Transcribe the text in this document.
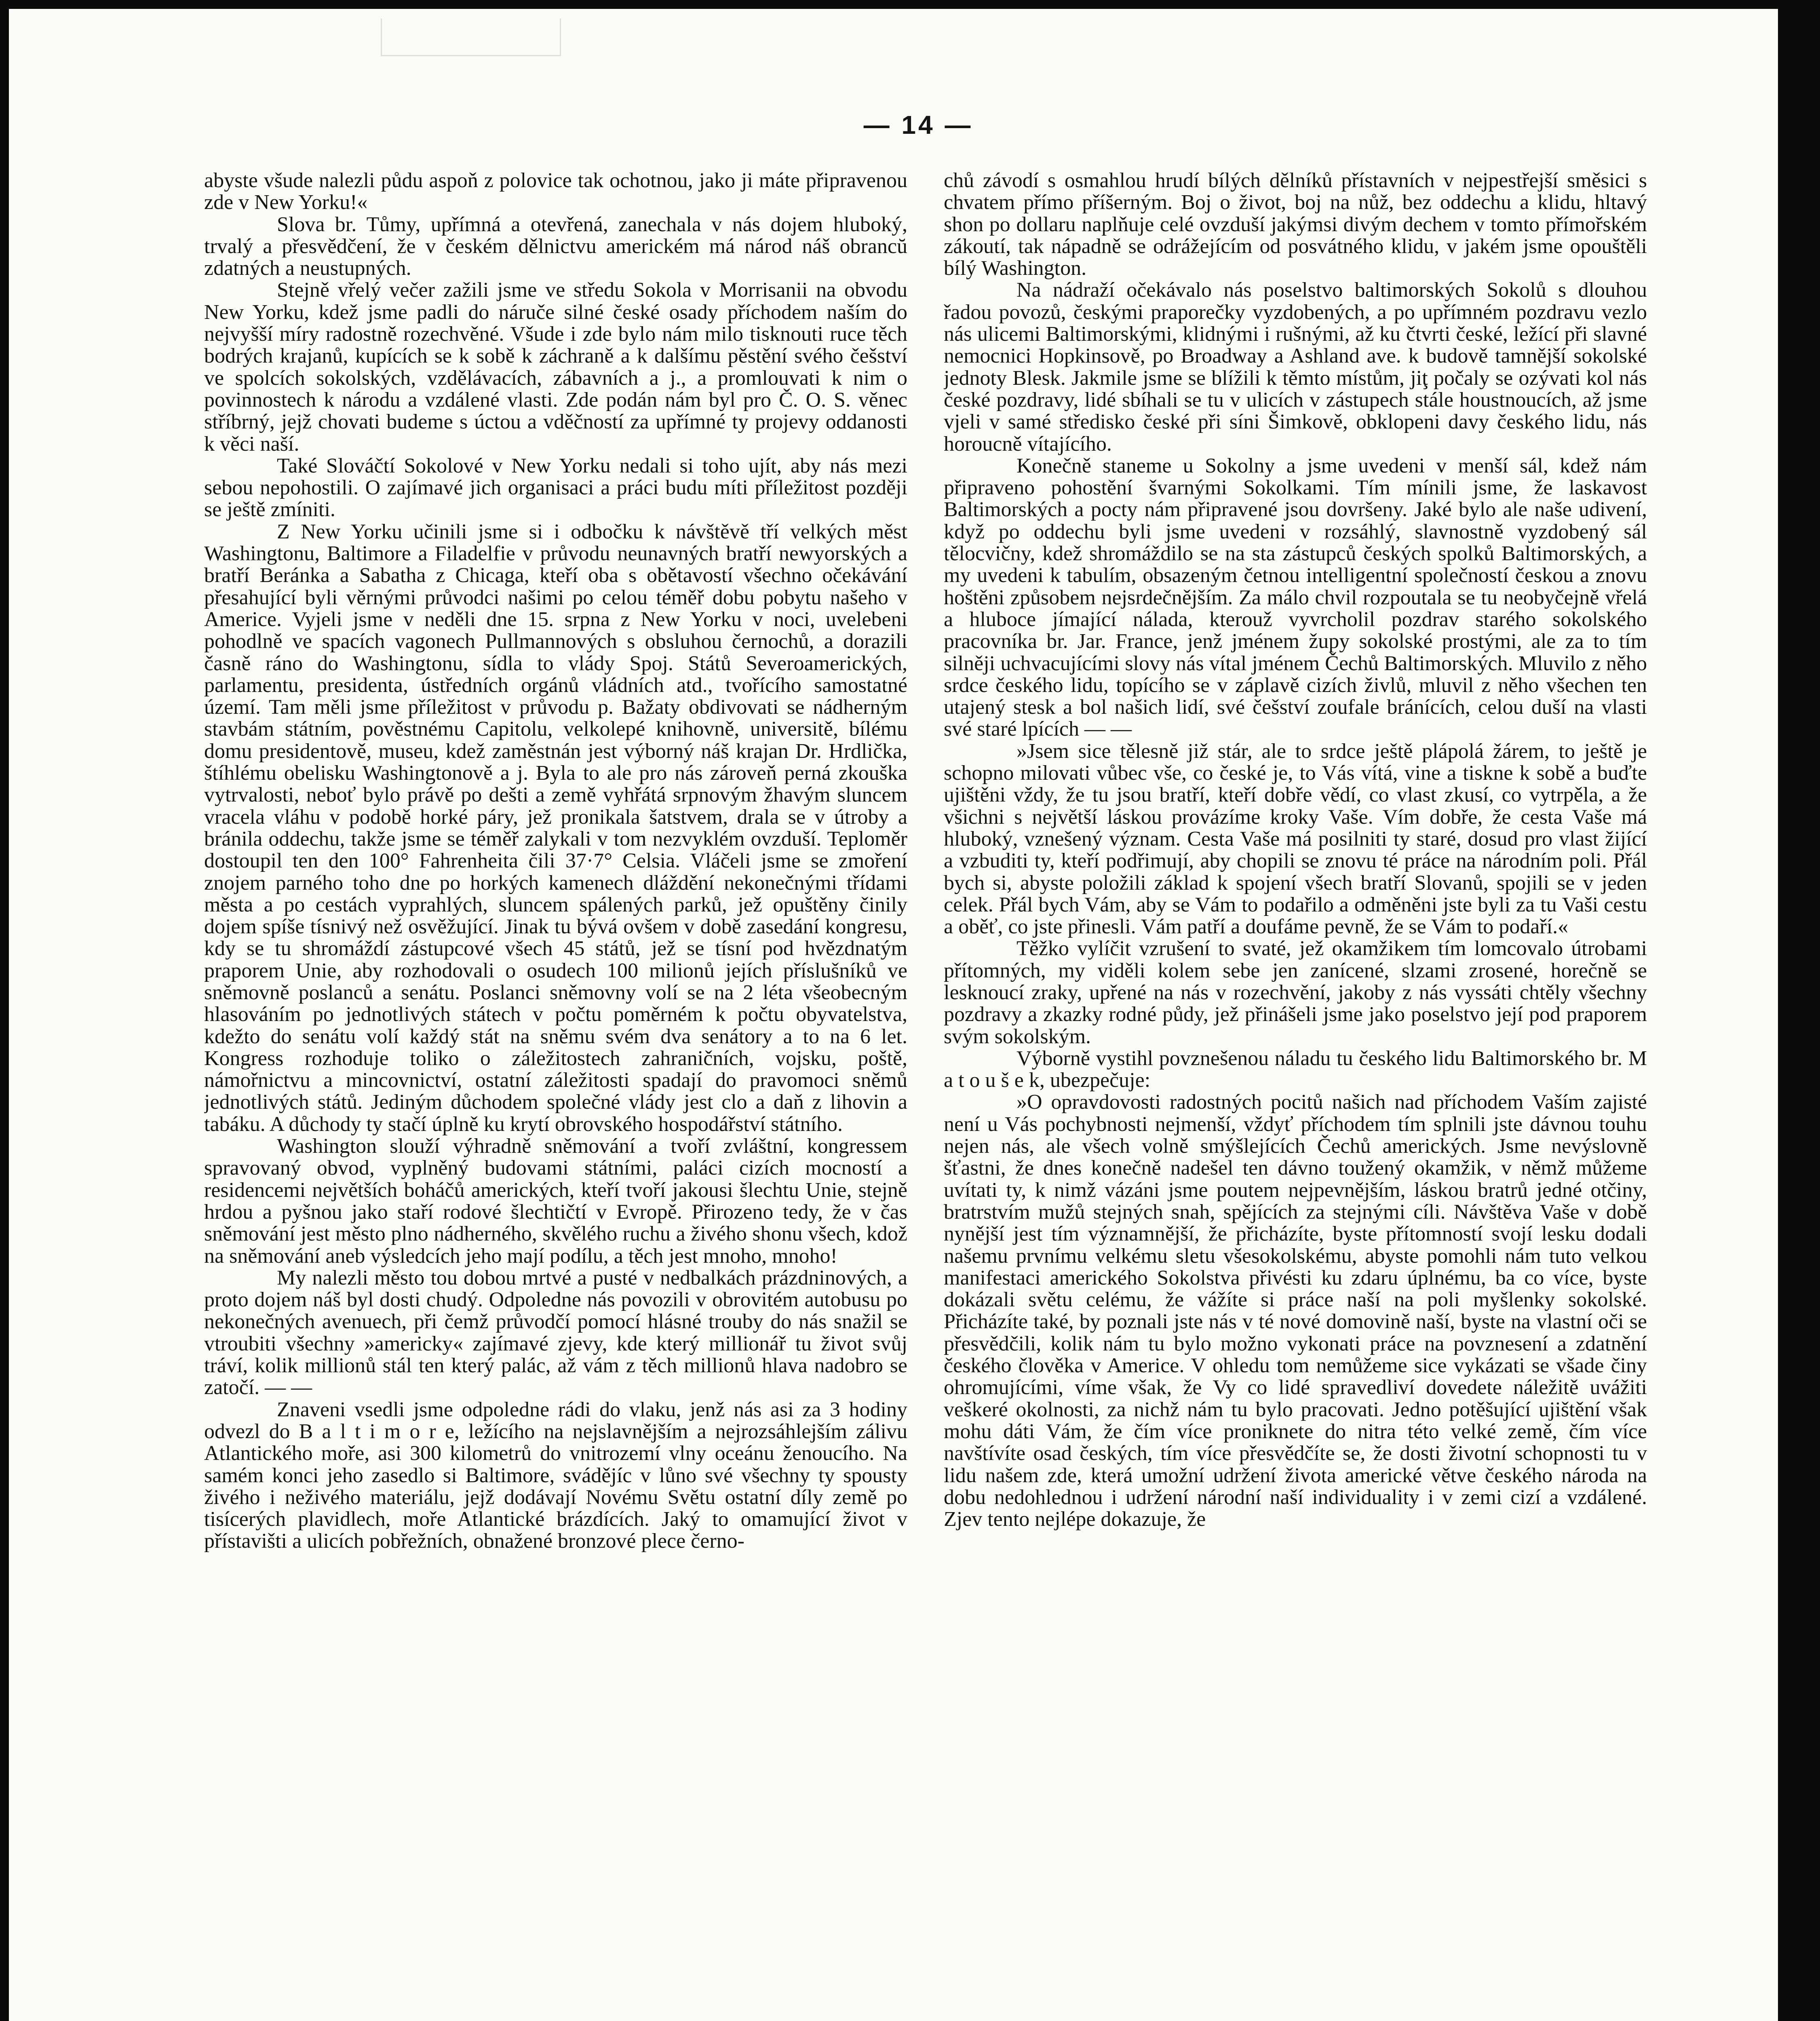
— 14 —

abyste všude nalezli půdu aspoň z polovice tak ochotnou, jako ji máte připravenou zde v New Yorku!«

Slova br. Tůmy, upřímná a otevřená, zanechala v nás dojem hluboký, trvalý a přesvědčení, že v českém dělnictvu americkém má národ náš obrancŭ zdatných a neustupných.

Stejně vřelý večer zažili jsme ve středu Sokola v Morrisanii na obvodu New Yorku, kdež jsme padli do náruče silné české osady příchodem naším do nejvyšší míry radostně rozechvěné. Všude i zde bylo nám milo tisknouti ruce těch bodrých krajanů, kupících se k sobě k záchraně a k dalšímu pěstění svého češství ve spolcích sokolských, vzdělávacích, zábavních a j., a promlouvati k nim o povinnostech k národu a vzdálené vlasti. Zde podán nám byl pro Č. O. S. věnec stříbrný, jejž chovati budeme s úctou a vděčností za upřímné ty projevy oddanosti k věci naší.

Také Slováčtí Sokolové v New Yorku nedali si toho ujít, aby nás mezi sebou nepohostili. O zajímavé jich organisaci a práci budu míti příležitost později se ještě zmíniti.

Z New Yorku učinili jsme si i odbočku k návštěvě tří velkých měst Washingtonu, Baltimore a Filadelfie v průvodu neunavných bratří newyorských a bratří Beránka a Sabatha z Chicaga, kteří oba s obětavostí všechno očekávání přesahující byli věrnými průvodci našimi po celou téměř dobu pobytu našeho v Americe. Vyjeli jsme v neděli dne 15. srpna z New Yorku v noci, uvelebeni pohodlně ve spacích vagonech Pullmannových s obsluhou černochů, a dorazili časně ráno do Washingtonu, sídla to vlády Spoj. Států Severoamerických, parlamentu, presidenta, ústředních orgánů vládních atd., tvořícího samostatné území. Tam měli jsme příležitost v průvodu p. Bažaty obdivovati se nádherným stavbám státním, pověstnému Capitolu, velkolepé knihovně, universitě, bílému domu presidentově, museu, kdež zaměstnán jest výborný náš krajan Dr. Hrdlička, štíhlému obelisku Washingtonově a j. Byla to ale pro nás zároveň perná zkouška vytrvalosti, neboť bylo právě po dešti a země vyhřátá srpnovým žhavým sluncem vracela vláhu v podobě horké páry, jež pronikala šatstvem, drala se v útroby a bránila oddechu, takže jsme se téměř zalykali v tom nezvyklém ovzduší. Teploměr dostoupil ten den 100° Fahrenheita čili 37·7° Celsia. Vláčeli jsme se zmoření znojem parného toho dne po horkých kamenech dláždění nekonečnými třídami města a po cestách vyprahlých, sluncem spálených parků, jež opuštěny činily dojem spíše tísnivý než osvěžující. Jinak tu bývá ovšem v době zasedání kongresu, kdy se tu shromáždí zástupcové všech 45 států, jež se tísní pod hvězdnatým praporem Unie, aby rozhodovali o osudech 100 milionů jejích příslušníků ve sněmovně poslanců a senátu. Poslanci sněmovny volí se na 2 léta všeobecným hlasováním po jednotlivých státech v počtu poměrném k počtu obyvatelstva, kdežto do senátu volí každý stát na sněmu svém dva senátory a to na 6 let. Kongress rozhoduje toliko o záležitostech zahraničních, vojsku, poště, námořnictvu a mincovnictví, ostatní záležitosti spadají do pravomoci sněmů jednotlivých států. Jediným důchodem společné vlády jest clo a daň z lihovin a tabáku. A důchody ty stačí úplně ku krytí obrovského hospodářství státního.

Washington slouží výhradně sněmování a tvoří zvláštní, kongressem spravovaný obvod, vyplněný budovami státními, paláci cizích mocností a residencemi největších boháčů amerických, kteří tvoří jakousi šlechtu Unie, stejně hrdou a pyšnou jako staří rodové šlechtičtí v Evropě. Přirozeno tedy, že v čas sněmování jest město plno nádherného, skvělého ruchu a živého shonu všech, kdož na sněmování aneb výsledcích jeho mají podílu, a těch jest mnoho, mnoho!

My nalezli město tou dobou mrtvé a pusté v nedbalkách prázdninových, a proto dojem náš byl dosti chudý. Odpoledne nás povozili v obrovitém autobusu po nekonečných avenuech, při čemž průvodčí pomocí hlásné trouby do nás snažil se vtroubiti všechny »americky« zajímavé zjevy, kde který millionář tu život svůj tráví, kolik millionů stál ten který palác, až vám z těch millionů hlava nadobro se zatočí. — —

Znaveni vsedli jsme odpoledne rádi do vlaku, jenž nás asi za 3 hodiny odvezl do B a l t i m o r e, ležícího na nejslavnějším a nejrozsáhlejším zálivu Atlantického moře, asi 300 kilometrů do vnitrozemí vlny oceánu ženoucího. Na samém konci jeho zasedlo si Baltimore, svádějíc v lůno své všechny ty spousty živého i neživého materiálu, jejž dodávají Novému Světu ostatní díly země po tisícerých plavidlech, moře Atlantické brázdících. Jaký to omamující život v přístavišti a ulicích pobřežních, obnažené bronzové plece černo-

chů závodí s osmahlou hrudí bílých dělníků přístavních v nejpestřejší směsici s chvatem přímo příšerným. Boj o život, boj na nůž, bez oddechu a klidu, hltavý shon po dollaru naplňuje celé ovzduší jakýmsi divým dechem v tomto přímořském zákoutí, tak nápadně se odrážejícím od posvátného klidu, v jakém jsme opouštěli bílý Washington.

Na nádraží očekávalo nás poselstvo baltimorských Sokolů s dlouhou řadou povozů, českými praporečky vyzdobených, a po upřímném pozdravu vezlo nás ulicemi Baltimorskými, klidnými i rušnými, až ku čtvrti české, ležící při slavné nemocnici Hopkinsově, po Broadway a Ashland ave. k budově tamnější sokolské jednoty Blesk. Jakmile jsme se blížili k těmto místům, jiţ počaly se ozývati kol nás české pozdravy, lidé sbíhali se tu v ulicích v zástupech stále houstnoucích, až jsme vjeli v samé středisko české při síni Šimkově, obklopeni davy českého lidu, nás horoucně vítajícího.

Konečně staneme u Sokolny a jsme uvedeni v menší sál, kdež nám připraveno pohostění švarnými Sokolkami. Tím mínili jsme, že laskavost Baltimorských a pocty nám připravené jsou dovršeny. Jaké bylo ale naše udivení, když po oddechu byli jsme uvedeni v rozsáhlý, slavnostně vyzdobený sál tělocvičny, kdež shromáždilo se na sta zástupců českých spolků Baltimorských, a my uvedeni k tabulím, obsazeným četnou intelligentní společností českou a znovu hoštěni způsobem nejsrdečnějším. Za málo chvil rozpoutala se tu neobyčejně vřelá a hluboce jímající nálada, kterouž vyvrcholil pozdrav starého sokolského pracovníka br. Jar. France, jenž jménem župy sokolské prostými, ale za to tím silněji uchvacujícími slovy nás vítal jménem Čechů Baltimorských. Mluvilo z něho srdce českého lidu, topícího se v záplavě cizích živlů, mluvil z něho všechen ten utajený stesk a bol našich lidí, své češství zoufale bránících, celou duší na vlasti své staré lpících — —

»Jsem sice tělesně již stár, ale to srdce ještě plápolá žárem, to ještě je schopno milovati vůbec vše, co české je, to Vás vítá, vine a tiskne k sobě a buďte ujištěni vždy, že tu jsou bratří, kteří dobře vědí, co vlast zkusí, co vytrpěla, a že všichni s největší láskou provázíme kroky Vaše. Vím dobře, že cesta Vaše má hluboký, vznešený význam. Cesta Vaše má posilniti ty staré, dosud pro vlast žijící a vzbuditi ty, kteří podřimují, aby chopili se znovu té práce na národním poli. Přál bych si, abyste položili základ k spojení všech bratří Slovanů, spojili se v jeden celek. Přál bych Vám, aby se Vám to podařilo a odměněni jste byli za tu Vaši cestu a oběť, co jste přinesli. Vám patří a doufáme pevně, že se Vám to podaří.«

Těžko vylíčit vzrušení to svaté, jež okamžikem tím lomcovalo útrobami přítomných, my viděli kolem sebe jen zanícené, slzami zrosené, horečně se lesknoucí zraky, upřené na nás v rozechvění, jakoby z nás vyssáti chtěly všechny pozdravy a zkazky rodné půdy, jež přinášeli jsme jako poselstvo její pod praporem svým sokolským.

Výborně vystihl povznešenou náladu tu českého lidu Baltimorského br. M a t o u š e k, ubezpečuje:

»O opravdovosti radostných pocitů našich nad příchodem Vaším zajisté není u Vás pochybnosti nejmenší, vždyť příchodem tím splnili jste dávnou touhu nejen nás, ale všech volně smýšlejících Čechů amerických. Jsme nevýslovně šťastni, že dnes konečně nadešel ten dávno toužený okamžik, v němž můžeme uvítati ty, k nimž vázáni jsme poutem nejpevnějším, láskou bratrů jedné otčiny, bratrstvím mužů stejných snah, spějících za stejnými cíli. Návštěva Vaše v době nynější jest tím významnější, že přicházíte, byste přítomností svojí lesku dodali našemu prvnímu velkému sletu všesokolskému, abyste pomohli nám tuto velkou manifestaci amerického Sokolstva přivésti ku zdaru úplnému, ba co více, byste dokázali světu celému, že vážíte si práce naší na poli myšlenky sokolské. Přicházíte také, by poznali jste nás v té nové domovině naší, byste na vlastní oči se přesvědčili, kolik nám tu bylo možno vykonati práce na povznesení a zdatnění českého člověka v Americe. V ohledu tom nemůžeme sice vykázati se všade činy ohromujícími, víme však, že Vy co lidé spravedliví dovedete náležitě uvážiti veškeré okolnosti, za nichž nám tu bylo pracovati. Jedno potěšující ujištění však mohu dáti Vám, že čím více proniknete do nitra této velké země, čím více navštívíte osad českých, tím více přesvědčíte se, že dosti životní schopnosti tu v lidu našem zde, která umožní udržení života americké větve českého národa na dobu nedohlednou i udržení národní naší individuality i v zemi cizí a vzdálené. Zjev tento nejlépe dokazuje, že
